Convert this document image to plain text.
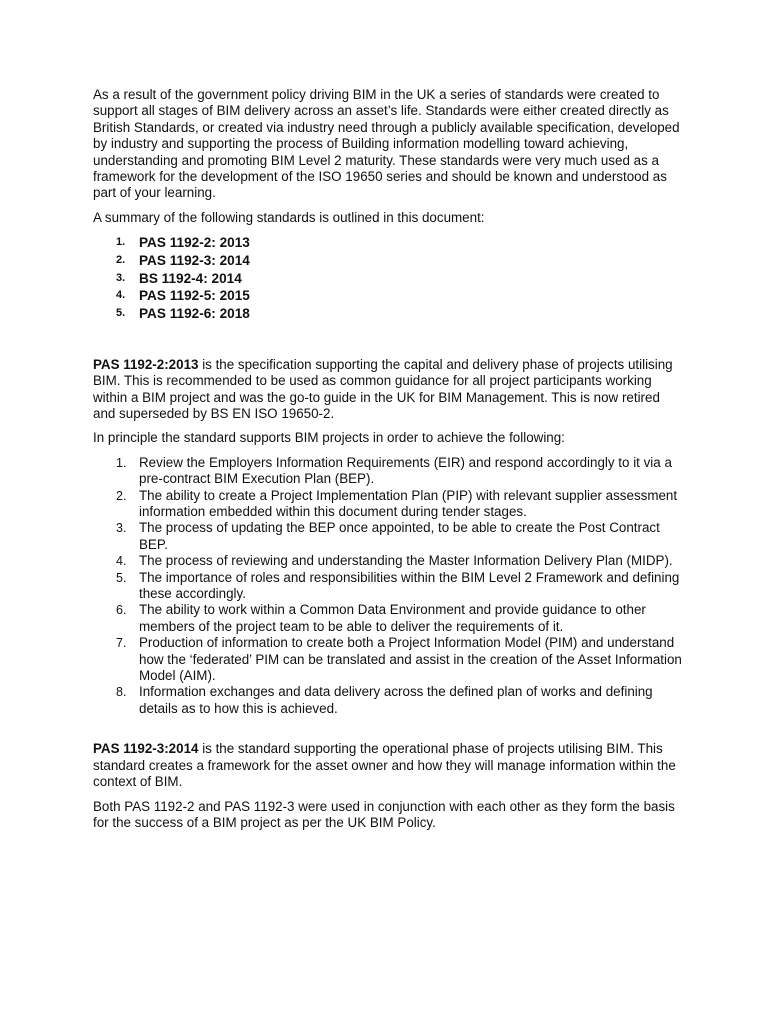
As a result of the government policy driving BIM in the UK a series of standards were created to support all stages of BIM delivery across an asset’s life. Standards were either created directly as British Standards, or created via industry need through a publicly available specification, developed by industry and supporting the process of Building information modelling toward achieving, understanding and promoting BIM Level 2 maturity. These standards were very much used as a framework for the development of the ISO 19650 series and should be known and understood as part of your learning.

A summary of the following standards is outlined in this document:

1. PAS 1192-2: 2013
2. PAS 1192-3: 2014
3. BS 1192-4: 2014
4. PAS 1192-5: 2015
5. PAS 1192-6: 2018

PAS 1192-2:2013 is the specification supporting the capital and delivery phase of projects utilising BIM. This is recommended to be used as common guidance for all project participants working within a BIM project and was the go-to guide in the UK for BIM Management. This is now retired and superseded by BS EN ISO 19650-2.

In principle the standard supports BIM projects in order to achieve the following:

1. Review the Employers Information Requirements (EIR) and respond accordingly to it via a pre-contract BIM Execution Plan (BEP).
2. The ability to create a Project Implementation Plan (PIP) with relevant supplier assessment information embedded within this document during tender stages.
3. The process of updating the BEP once appointed, to be able to create the Post Contract BEP.
4. The process of reviewing and understanding the Master Information Delivery Plan (MIDP).
5. The importance of roles and responsibilities within the BIM Level 2 Framework and defining these accordingly.
6. The ability to work within a Common Data Environment and provide guidance to other members of the project team to be able to deliver the requirements of it.
7. Production of information to create both a Project Information Model (PIM) and understand how the ‘federated’ PIM can be translated and assist in the creation of the Asset Information Model (AIM).
8. Information exchanges and data delivery across the defined plan of works and defining details as to how this is achieved.

PAS 1192-3:2014 is the standard supporting the operational phase of projects utilising BIM. This standard creates a framework for the asset owner and how they will manage information within the context of BIM.

Both PAS 1192-2 and PAS 1192-3 were used in conjunction with each other as they form the basis for the success of a BIM project as per the UK BIM Policy.
